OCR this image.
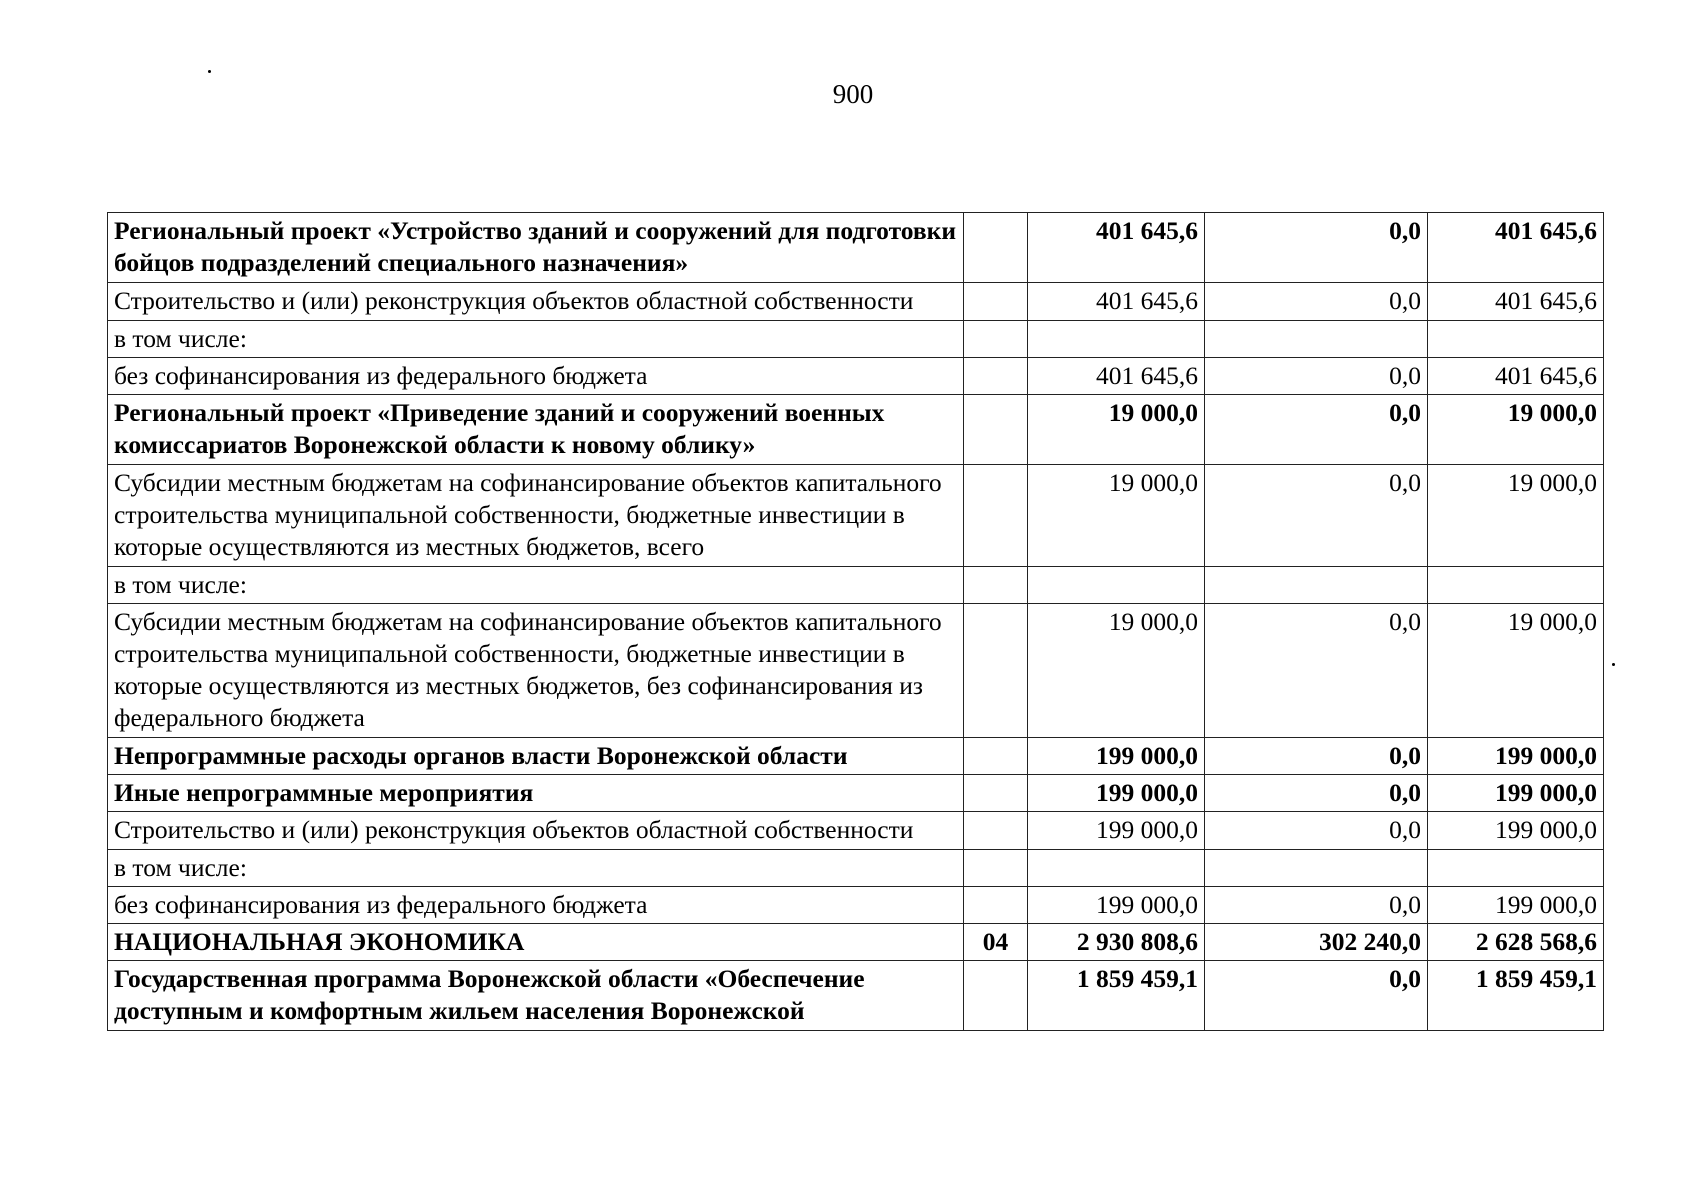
900
Региональный проект «Устройство зданий и сооружений для подготовки бойцов подразделений специального назначения»		401 645,6	0,0	401 645,6
Строительство и (или) реконструкция объектов областной собственности		401 645,6	0,0	401 645,6
в том числе:				
без софинансирования из федерального бюджета		401 645,6	0,0	401 645,6
Региональный проект «Приведение зданий и сооружений военных комиссариатов Воронежской области к новому облику»		19 000,0	0,0	19 000,0
Субсидии местным бюджетам на софинансирование объектов капитального строительства муниципальной собственности, бюджетные инвестиции в которые осуществляются из местных бюджетов, всего		19 000,0	0,0	19 000,0
в том числе:				
Субсидии местным бюджетам на софинансирование объектов капитального строительства муниципальной собственности, бюджетные инвестиции в которые осуществляются из местных бюджетов, без софинансирования из федерального бюджета		19 000,0	0,0	19 000,0
Непрограммные расходы органов власти Воронежской области		199 000,0	0,0	199 000,0
Иные непрограммные мероприятия		199 000,0	0,0	199 000,0
Строительство и (или) реконструкция объектов областной собственности		199 000,0	0,0	199 000,0
в том числе:				
без софинансирования из федерального бюджета		199 000,0	0,0	199 000,0
НАЦИОНАЛЬНАЯ ЭКОНОМИКА	04	2 930 808,6	302 240,0	2 628 568,6
Государственная программа Воронежской области «Обеспечение доступным и комфортным жильем населения Воронежской		1 859 459,1	0,0	1 859 459,1
